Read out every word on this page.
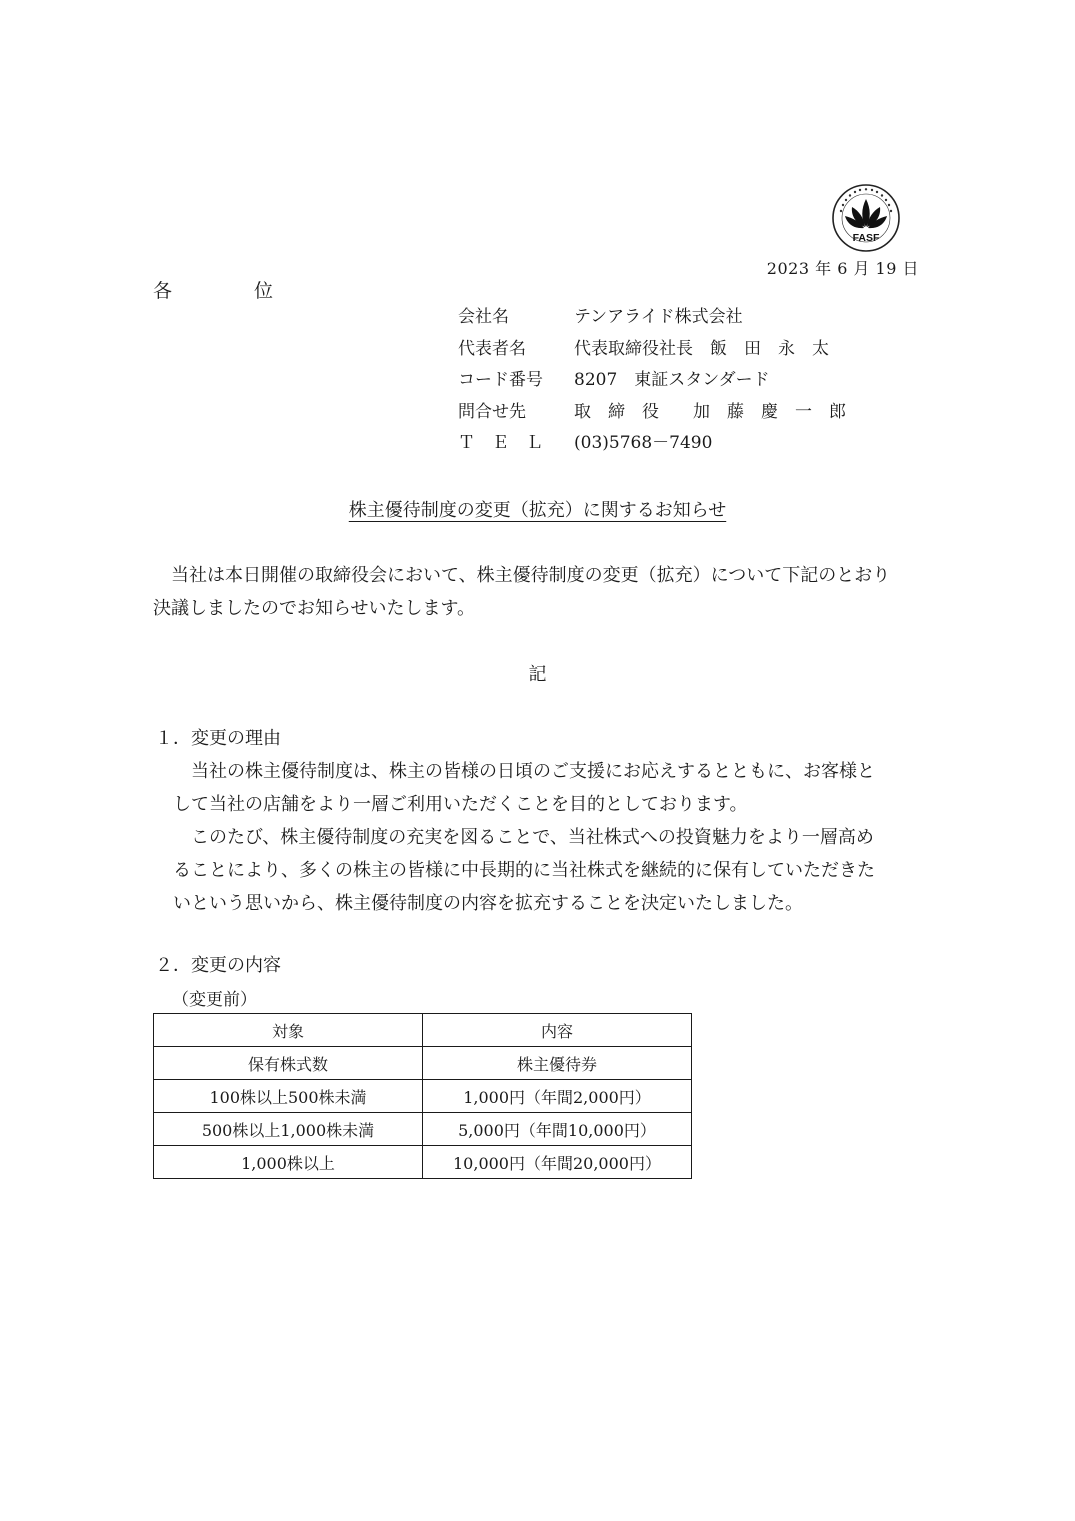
FASF
2023 年 6 月 19 日
各 位
会社名	テンアライド株式会社
代表者名	代表取締役社長　飯　田　永　太
コード番号 8207　東証スタンダード
問合せ先	取　締　役　　加　藤　慶　一　郎
Ｔ　Ｅ　Ｌ (03)5768－7490
株主優待制度の変更（拡充）に関するお知らせ
　当社は本日開催の取締役会において、株主優待制度の変更（拡充）について下記のとおり
決議しましたのでお知らせいたします。
記
１．変更の理由
　当社の株主優待制度は、株主の皆様の日頃のご支援にお応えするとともに、お客様と
して当社の店舗をより一層ご利用いただくことを目的としております。
　このたび、株主優待制度の充実を図ることで、当社株式への投資魅力をより一層高め
ることにより、多くの株主の皆様に中長期的に当社株式を継続的に保有していただきた
いという思いから、株主優待制度の内容を拡充することを決定いたしました。
２．変更の内容
（変更前）
対象	内容
保有株式数	株主優待券
100株以上500株未満	1,000円（年間2,000円）
500株以上1,000株未満	5,000円（年間10,000円）
1,000株以上	10,000円（年間20,000円）
